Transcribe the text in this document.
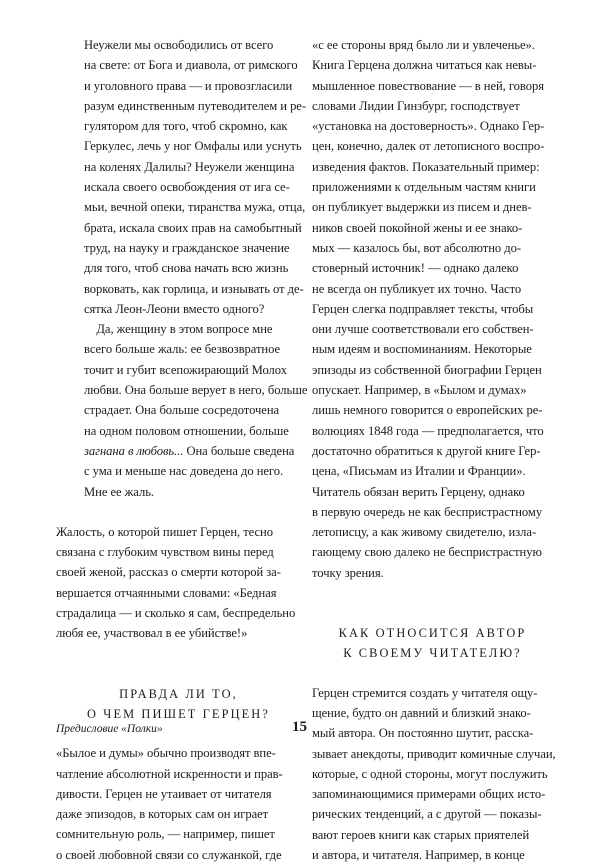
Неужели мы освободились от всего
на свете: от Бога и диавола, от римского
и уголовного права — и провозгласили
разум единственным путеводителем и ре-
гулятором для того, чтоб скромно, как
Геркулес, лечь у ног Омфалы или уснуть
на коленях Далилы? Неужели женщина
искала своего освобождения от ига се-
мьи, вечной опеки, тиранства мужа, отца,
брата, искала своих прав на самобытный
труд, на науку и гражданское значение
для того, чтоб снова начать всю жизнь
ворковать, как горлица, и изнывать от де-
сятка Леон-Леони вместо одного?
Да, женщину в этом вопросе мне
всего больше жаль: ее безвозвратное
точит и губит всепожирающий Молох
любви. Она больше верует в него, больше
страдает. Она больше сосредоточена
на одном половом отношении, больше
загнана в любовь... Она больше сведена
с ума и меньше нас доведена до него.
Мне ее жаль.
Жалость, о которой пишет Герцен, тесно
связана с глубоким чувством вины перед
своей женой, рассказ о смерти которой за-
вершается отчаянными словами: «Бедная
страдалица — и сколько я сам, беспредельно
любя ее, участвовал в ее убийстве!»
ПРАВДА ЛИ ТО,
О ЧЕМ ПИШЕТ ГЕРЦЕН?
«Былое и думы» обычно производят впе-
чатление абсолютной искренности и прав-
дивости. Герцен не утаивает от читателя
даже эпизодов, в которых сам он играет
сомнительную роль, — например, пишет
о своей любовной связи со служанкой, где
«с ее стороны вряд было ли и увлеченье».
Книга Герцена должна читаться как невы-
мышленное повествование — в ней, говоря
словами Лидии Гинзбург, господствует
«установка на достоверность». Однако Гер-
цен, конечно, далек от летописного воспро-
изведения фактов. Показательный пример:
приложениями к отдельным частям книги
он публикует выдержки из писем и днев-
ников своей покойной жены и ее знако-
мых — казалось бы, вот абсолютно до-
стоверный источник! — однако далеко
не всегда он публикует их точно. Часто
Герцен слегка подправляет тексты, чтобы
они лучше соответствовали его собствен-
ным идеям и воспоминаниям. Некоторые
эпизоды из собственной биографии Герцен
опускает. Например, в «Былом и думах»
лишь немного говорится о европейских ре-
волюциях 1848 года — предполагается, что
достаточно обратиться к другой книге Гер-
цена, «Письмам из Италии и Франции».
Читатель обязан верить Герцену, однако
в первую очередь не как беспристрастному
летописцу, а как живому свидетелю, изла-
гающему свою далеко не беспристрастную
точку зрения.
КАК ОТНОСИТСЯ АВТОР
К СВОЕМУ ЧИТАТЕЛЮ?
Герцен стремится создать у читателя ощу-
щение, будто он давний и близкий знако-
мый автора. Он постоянно шутит, расска-
зывает анекдоты, приводит комичные случаи,
которые, с одной стороны, могут послужить
запоминающимися примерами общих исто-
рических тенденций, а с другой — показы-
вают героев книги как старых приятелей
и автора, и читателя. Например, в конце
Предисловие «Полки»	15
